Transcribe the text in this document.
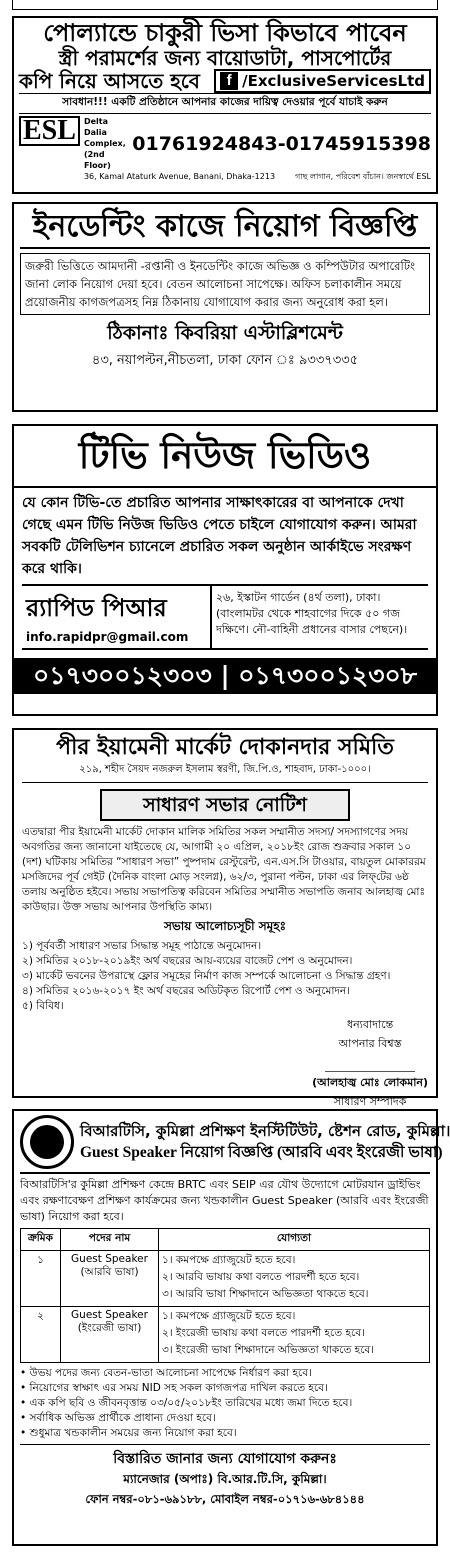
পোল্যান্ডে চাকুরী ভিসা কিভাবে পাবেন
স্ত্রী পরামর্শের জন্য বায়োডাটা, পাসপোর্টের
কপি নিয়ে আসতে হবে	f /ExclusiveServicesLtd
সাবধান!!! একটি প্রতিষ্ঠানে আপনার কাজের দায়িত্ব দেওয়ার পূর্বে যাচাই করুন
ESL	Delta Dalia Complex, (2nd Floor)
01761924843-01745915398
36, Kamal Ataturk Avenue, Banani, Dhaka-1213 গাছ লাগান, পরিবেশ বাঁচান। জনস্বার্থে ESL
ইনডেন্টিং কাজে নিয়োগ বিজ্ঞপ্তি
জরুরী ভিত্তিতে আমদানী -রপ্তানী ও ইনডেন্টিং কাজে অভিজ্ঞ ও কম্পিউটার অপারেটিং জানা লোক নিয়োগ দেয়া হবে। বেতন আলোচনা সাপেক্ষে। অফিস চলাকালীন সময়ে প্রয়োজনীয় কাগজপত্রসহ নিম্ন ঠিকানায় যোগাযোগ করার জন্য অনুরোধ করা হল।
ঠিকানাঃ কিবরিয়া এস্টাব্লিশমেন্ট
৪৩, নয়াপল্টন,নীচতলা, ঢাকা ফোন ঃ ৯৩৩৭৩৩৫
টিভি নিউজ ভিডিও
যে কোন টিভি-তে প্রচারিত আপনার সাক্ষাৎকারের বা আপনাকে দেখা গেছে এমন টিভি নিউজ ভিডিও পেতে চাইলে যোগাযোগ করুন। আমরা সবকটি টেলিভিশন চ্যানেলে প্রচারিত সকল অনুষ্ঠান আর্কাইভে সংরক্ষণ করে থাকি।
র‍্যাপিড পিআর
info.rapidpr@gmail.com
২৬, ইস্কাটন গার্ডেন (৪র্থ তলা), ঢাকা। (বাংলামটর থেকে শাহবাগের দিকে ৫০ গজ দক্ষিণে। নৌ-বাহিনী প্রধানের বাসার পেছনে)।
০১৭৩০০১২৩০৩ | ০১৭৩০০১২৩০৮
পীর ইয়ামেনী মার্কেট দোকানদার সমিতি
২১৯, শহীদ সৈয়দ নজরুল ইসলাম স্বরণী, জি.পি.ও, শাহবাদ, ঢাকা-১০০০।
সাধারণ সভার নোটিশ
এতদ্বারা পীর ইয়ামেনী মার্কেট দোকান মালিক সমিতির সকল সম্মানীত সদস্য/ সদস্যাগণের সদয় অবগতির জন্য জানানো যাইতেছে যে, আগামী ২০ এপ্রিল, ২০১৮ইং রোজ শুক্রবার সকাল ১০ (দশ) ঘটিকায় সমিতির “সাধারণ সভা” পুষ্পদাম রেস্টুরেন্ট, এন.এস.সি টাওয়ার, বায়তুল মোকাররম মসজিদের পূর্ব গেইট (দৈনিক বাংলা মোড় সংলগ্ন), ৬২/৩, পুরানা পল্টন, ঢাকা এর লিফ্‌টের ৬ষ্ঠ তলায় অনুষ্ঠিত হইবে। সভায় সভাপতিত্ব করিবেন সমিতির সম্মানীত সভাপতি জনাব আলহাজ্ব মোঃ কাউছার। উক্ত সভায় আপনার উপস্থিতি কাম্য।
সভায় আলোচ্যসূচী সমূহঃ
১) পূর্ববর্তী সাধারণ সভার সিদ্ধান্ত সমূহ পাঠান্তে অনুমোদন।
২) সমিতির ২০১৮-২০১৯ইং অর্থ বছরের আয়-ব্যয়ের বাজেট পেশ ও অনুমোদন।
৩) মার্কেট ভবনের উপরাস্থে ফ্লোর সমূহের নির্মাণ কাজ সম্পর্কে আলোচনা ও সিদ্ধান্ত গ্রহণ।
৪) সমিতির ২০১৬-২০১৭ ইং অর্থ বছরের অডিটকৃত রিপোর্ট পেশ ও অনুমোদন।
৫) বিবিধ।
ধন্যবাদান্তে
আপনার বিশ্বস্ত
(আলহাজ্ব মোঃ লোকমান)
সাধারণ সম্পাদক
বিআরটিসি, কুমিল্লা প্রশিক্ষণ ইনস্টিটিউট, ষ্টেশন রোড, কুমিল্লা।
Guest Speaker নিয়োগ বিজ্ঞপ্তি (আরবি এবং ইংরেজী ভাষা)
বিআরটিসি'র কুমিল্লা প্রশিক্ষণ কেন্দ্রে BRTC এবং SEIP এর যৌথ উদ্যোগে মোটরযান ড্রাইভিং এবং রক্ষণাবেক্ষণ প্রশিক্ষণ কার্যক্রমের জন্য খন্ডকালীন Guest Speaker (আরবি এবং ইংরেজী ভাষা) নিয়োগ করা হবে।
ক্রমিক	পদের নাম	যোগ্যতা
১	Guest Speaker (আরবি ভাষা)	১। কমপক্ষে গ্র্যাজুয়েট হতে হবে।
২। আরবি ভাষায় কথা বলতে পারদর্শী হতে হবে।
৩। আরবি ভাষা শিক্ষাদানে অভিজ্ঞতা থাকতে হবে।

২	Guest Speaker (ইংরেজী ভাষা)	১। কমপক্ষে গ্র্যাজুয়েট হতে হবে।
২। ইংরেজী ভাষায় কথা বলতে পারদর্শী হতে হবে।
৩। ইংরেজী ভাষা শিক্ষাদানে অভিজ্ঞতা থাকতে হবে।
• উভয় পদের জন্য বেতন-ভাতা আলোচনা সাপেক্ষে নির্ধারণ করা হবে।
• নিয়োগের স্বাক্ষাৎ এর সময় NID সহ সকল কাগজপত্র দাখিল করতে হবে।
• এক কপি ছবি ও জীবনবৃত্তান্ত ০৩/০৫/২০১৮ইং তারিখের মধ্যে জমা দিতে হবে।
• সর্বাধিক অভিজ্ঞ প্রার্থীকে প্রাধান্য দেওয়া হবে।
• শুধুমাত্র খন্ডকালীন সময়ের জন্য নিয়োগ করা হবে।
বিস্তারিত জানার জন্য যোগাযোগ করুনঃ
ম্যানেজার (অপাঃ) বি.আর.টি.সি, কুমিল্লা।
ফোন নম্বর-০৮১-৬৯১৮৮, মোবাইল নম্বর-০১৭১৬-৬৮৪১৪৪
